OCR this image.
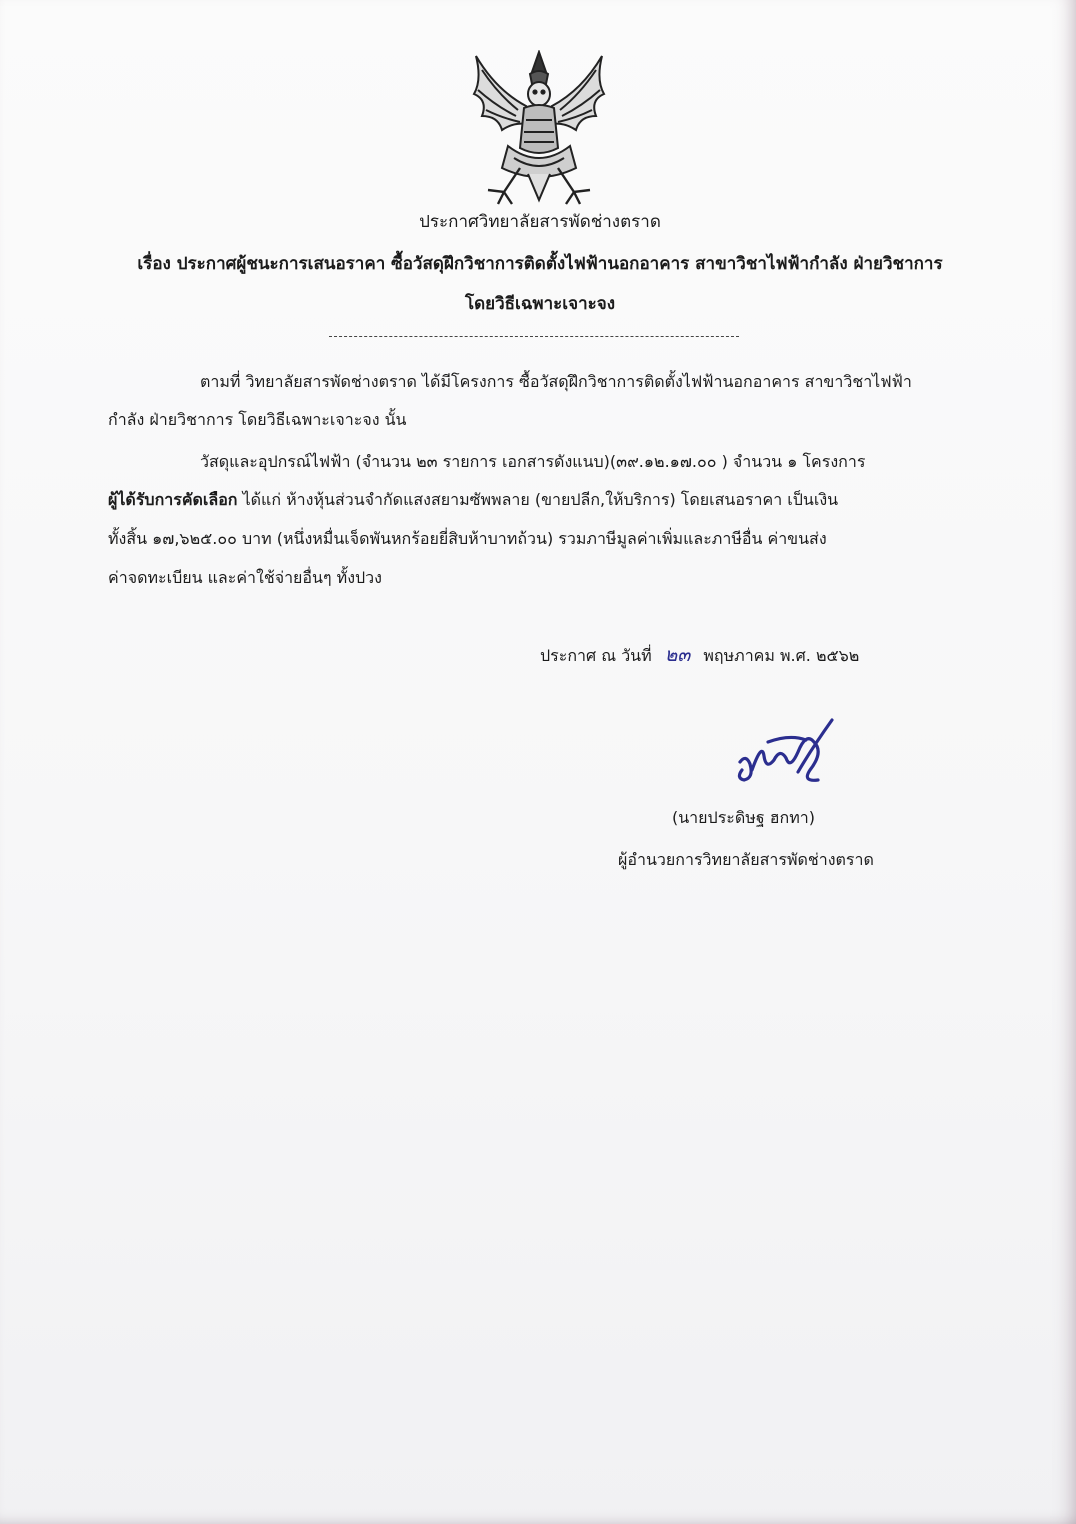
ประกาศวิทยาลัยสารพัดช่างตราด
เรื่อง ประกาศผู้ชนะการเสนอราคา ซื้อวัสดุฝึกวิชาการติดตั้งไฟฟ้านอกอาคาร สาขาวิชาไฟฟ้ากำลัง ฝ่ายวิชาการ
โดยวิธีเฉพาะเจาะจง
ตามที่ วิทยาลัยสารพัดช่างตราด ได้มีโครงการ ซื้อวัสดุฝึกวิชาการติดตั้งไฟฟ้านอกอาคาร สาขาวิชาไฟฟ้า
กำลัง ฝ่ายวิชาการ โดยวิธีเฉพาะเจาะจง นั้น
วัสดุและอุปกรณ์ไฟฟ้า (จำนวน ๒๓ รายการ เอกสารดังแนบ)(๓๙.๑๒.๑๗.๐๐ ) จำนวน ๑ โครงการ
ผู้ได้รับการคัดเลือก ได้แก่ ห้างหุ้นส่วนจำกัดแสงสยามซัพพลาย (ขายปลีก,ให้บริการ) โดยเสนอราคา เป็นเงิน
ทั้งสิ้น ๑๗,๖๒๕.๐๐ บาท (หนึ่งหมื่นเจ็ดพันหกร้อยยี่สิบห้าบาทถ้วน) รวมภาษีมูลค่าเพิ่มและภาษีอื่น ค่าขนส่ง
ค่าจดทะเบียน และค่าใช้จ่ายอื่นๆ ทั้งปวง
ประกาศ ณ วันที่ ๒๓ พฤษภาคม พ.ศ. ๒๕๖๒
(นายประดิษฐ ฮกทา)
ผู้อำนวยการวิทยาลัยสารพัดช่างตราด
